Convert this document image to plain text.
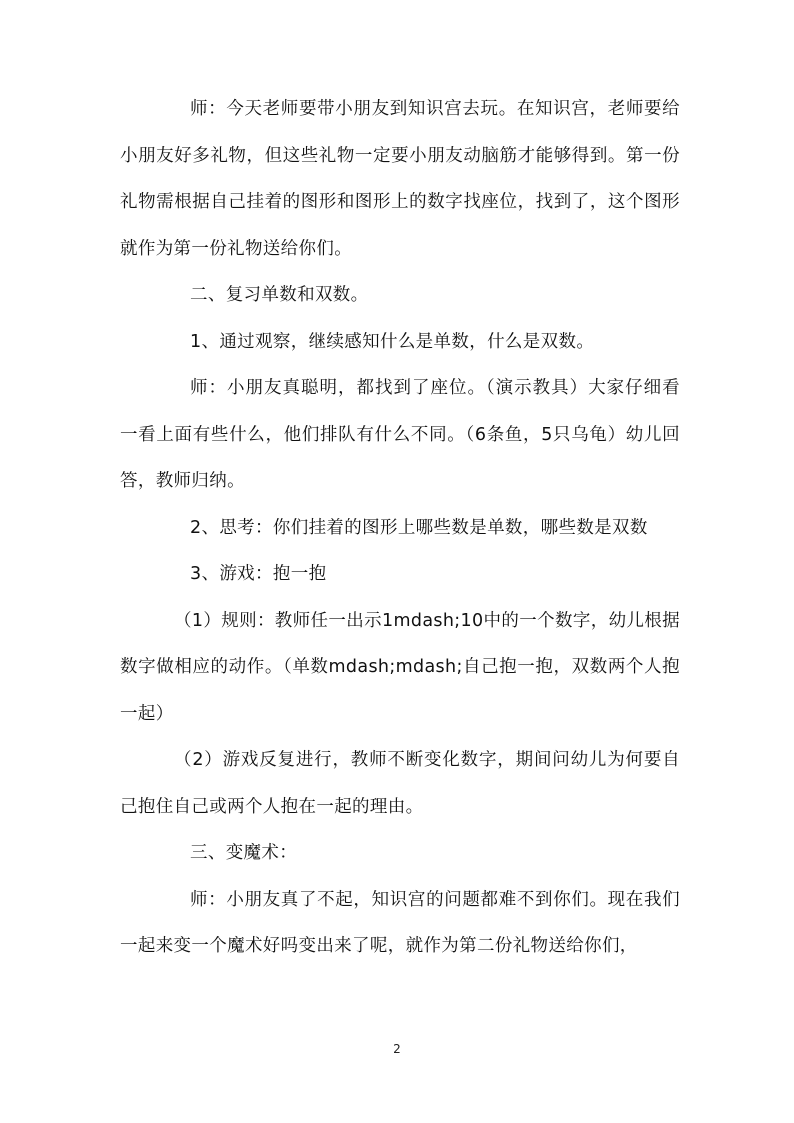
师：今天老师要带小朋友到知识宫去玩。在知识宫，老师要给小朋友好多礼物，但这些礼物一定要小朋友动脑筋才能够得到。第一份礼物需根据自己挂着的图形和图形上的数字找座位，找到了，这个图形就作为第一份礼物送给你们。

二、复习单数和双数。

1、通过观察，继续感知什么是单数，什么是双数。

师：小朋友真聪明，都找到了座位。（演示教具）大家仔细看一看上面有些什么，他们排队有什么不同。（6条鱼，5只乌龟）幼儿回答，教师归纳。

2、思考：你们挂着的图形上哪些数是单数，哪些数是双数

3、游戏：抱一抱

（1）规则：教师任一出示1mdash;10中的一个数字，幼儿根据数字做相应的动作。（单数mdash;mdash;自己抱一抱，双数两个人抱一起）

（2）游戏反复进行，教师不断变化数字，期间问幼儿为何要自己抱住自己或两个人抱在一起的理由。

三、变魔术：

师：小朋友真了不起，知识宫的问题都难不到你们。现在我们一起来变一个魔术好吗变出来了呢，就作为第二份礼物送给你们，

2
